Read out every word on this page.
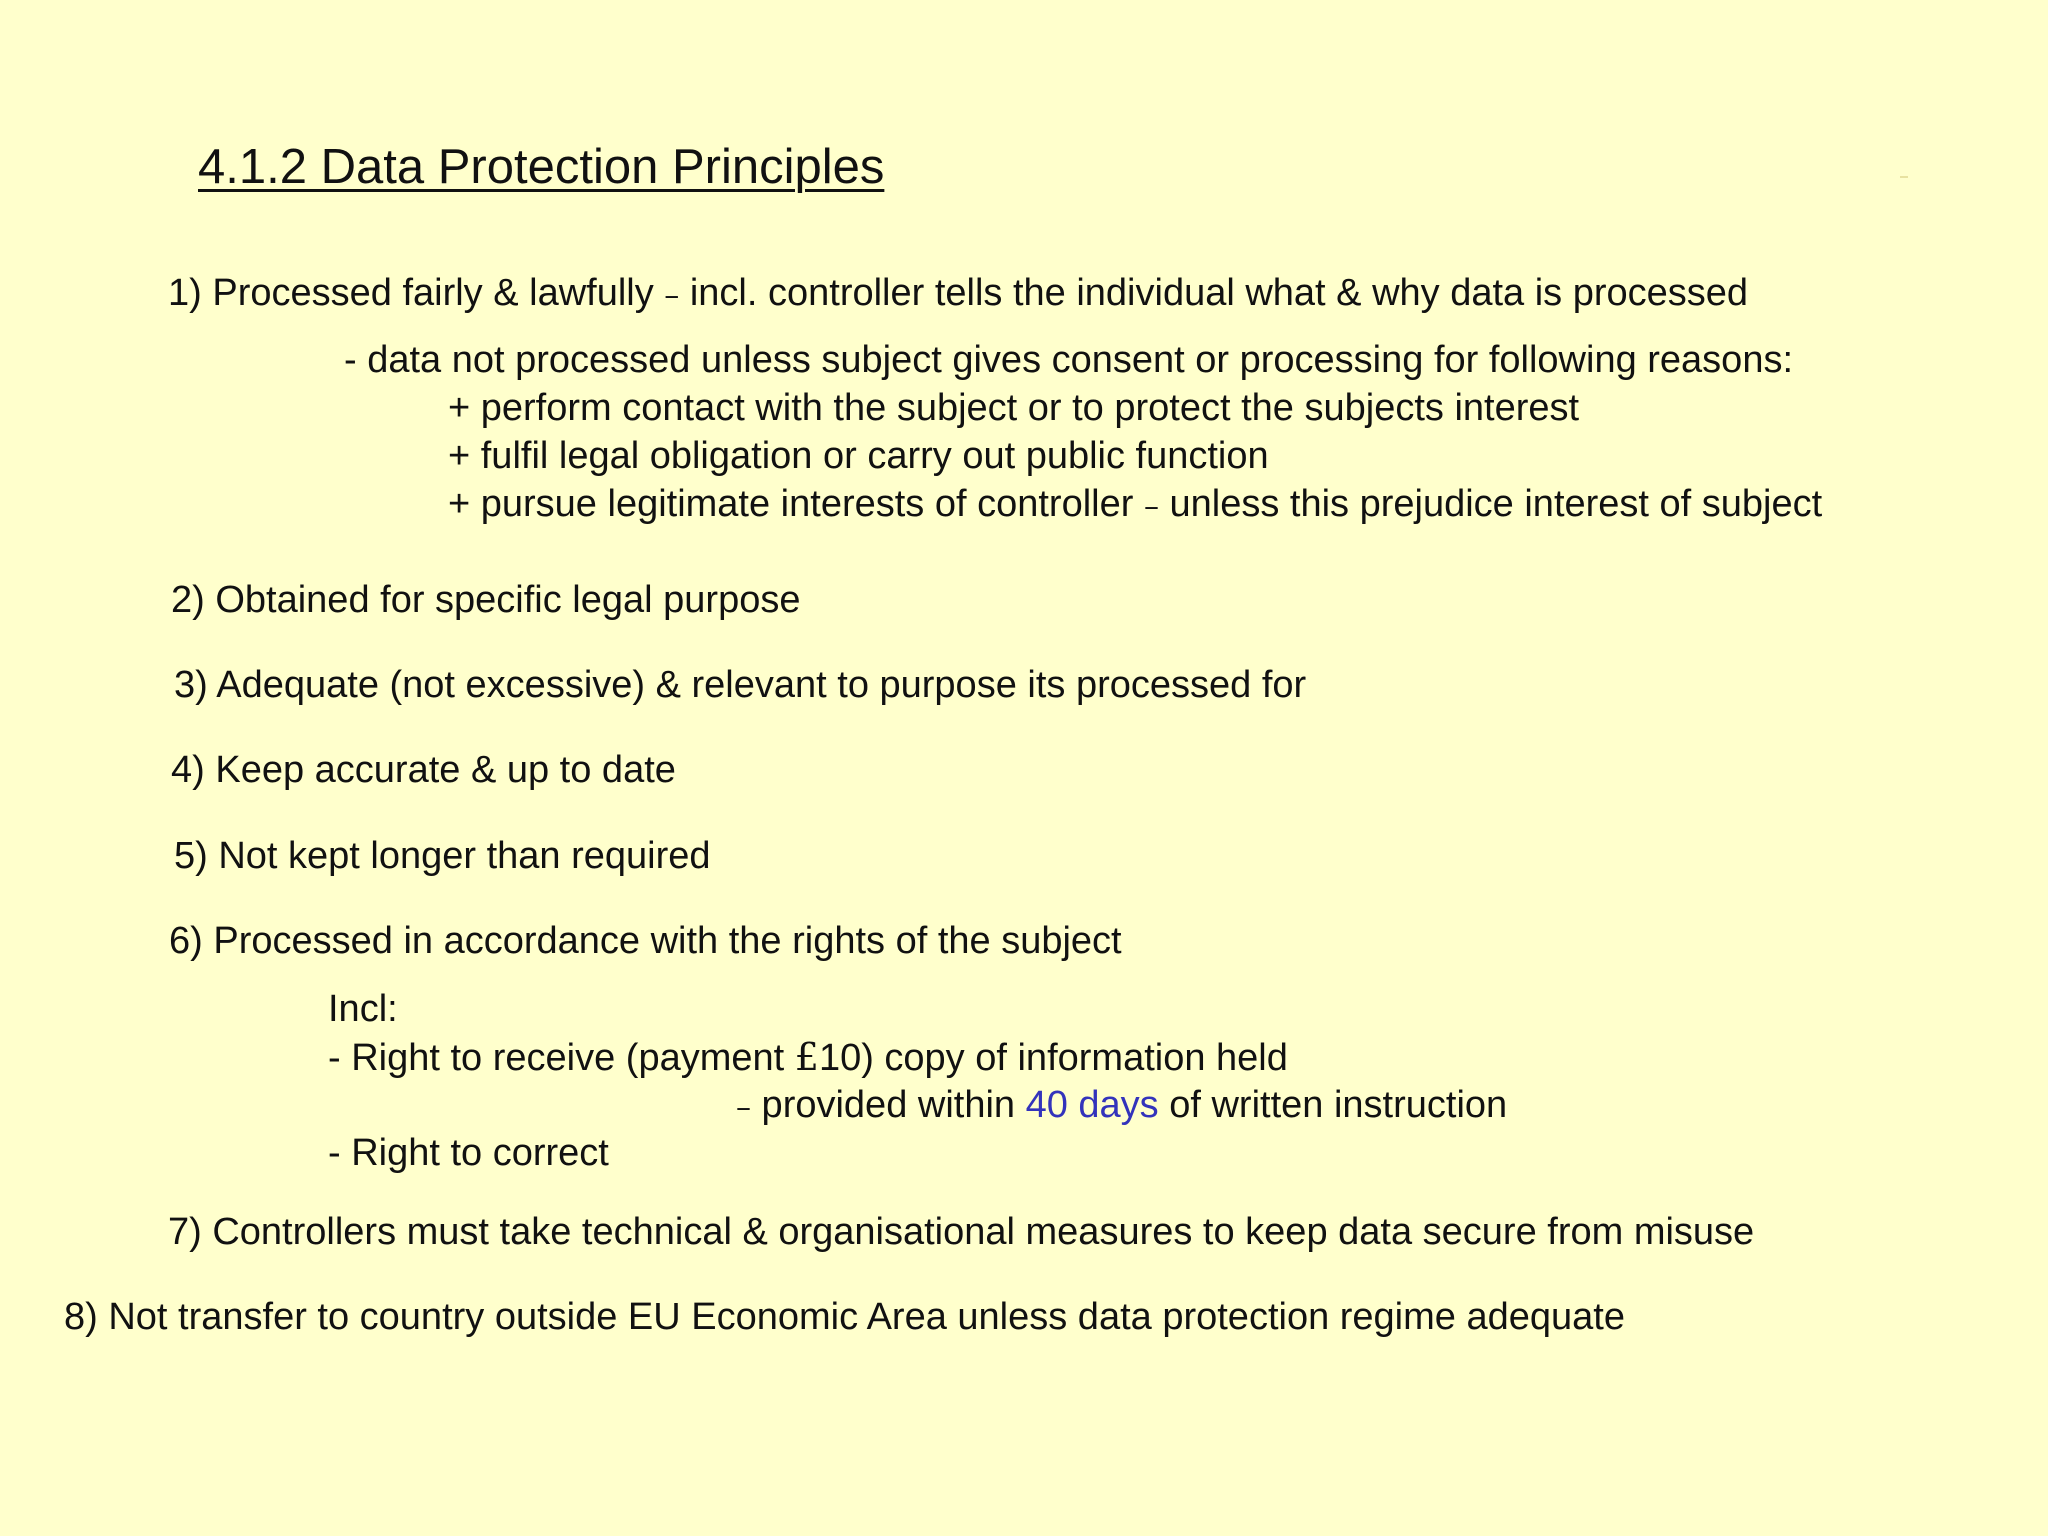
4.1.2 Data Protection Principles
1) Processed fairly & lawfully – incl. controller tells the individual what & why data is processed
- data not processed unless subject gives consent or processing for following reasons:
+ perform contact with the subject or to protect the subjects interest
+ fulfil legal obligation or carry out public function
+ pursue legitimate interests of controller – unless this prejudice interest of subject
2) Obtained for specific legal purpose
3) Adequate (not excessive) & relevant to purpose its processed for
4) Keep accurate & up to date
5) Not kept longer than required
6) Processed in accordance with the rights of the subject
Incl:
- Right to receive (payment £10) copy of information held
– provided within 40 days of written instruction
- Right to correct
7) Controllers must take technical & organisational measures to keep data secure from misuse
8) Not transfer to country outside EU Economic Area unless data protection regime adequate
